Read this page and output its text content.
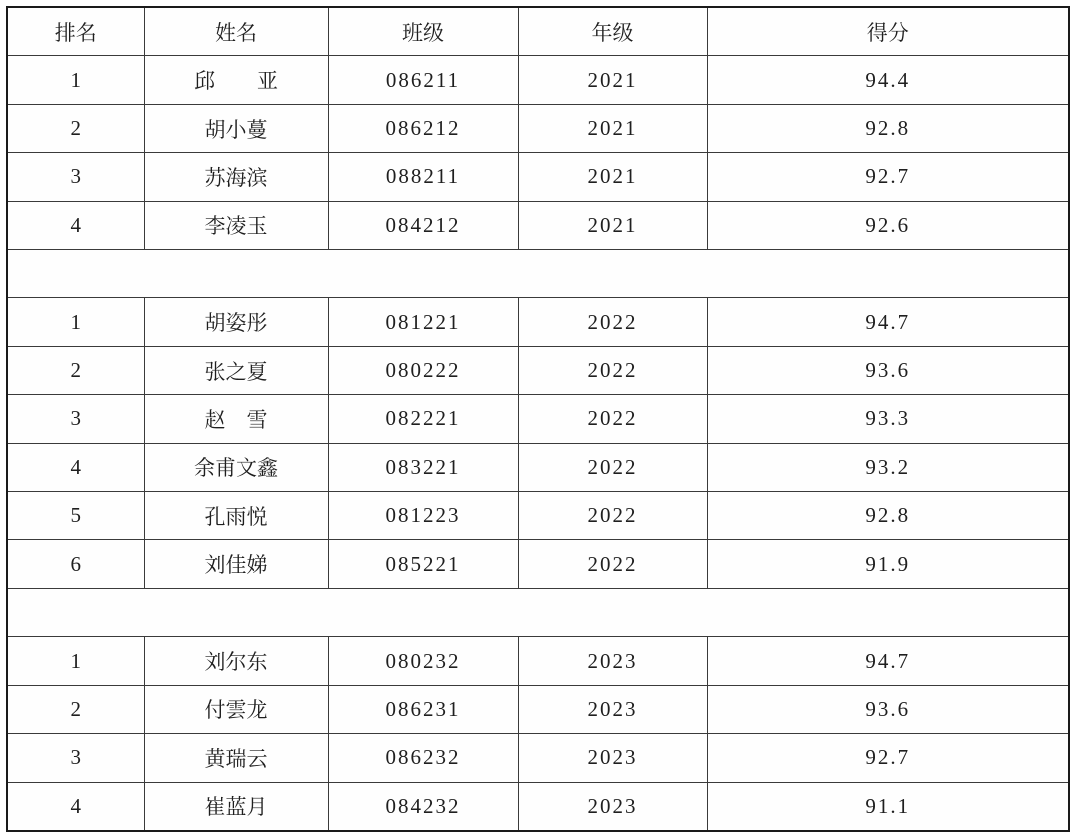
排名	姓名	班级	年级	得分
1	邱　　亚	086211	2021	94.4
2	胡小蔓	086212	2021	92.8
3	苏海滨	088211	2021	92.7
4	李凌玉	084212	2021	92.6

1	胡姿彤	081221	2022	94.7
2	张之夏	080222	2022	93.6
3	赵　雪	082221	2022	93.3
4	余甫文鑫	083221	2022	93.2
5	孔雨悦	081223	2022	92.8
6	刘佳娣	085221	2022	91.9

1	刘尔东	080232	2023	94.7
2	付雲龙	086231	2023	93.6
3	黄瑞云	086232	2023	92.7
4	崔蓝月	084232	2023	91.1
